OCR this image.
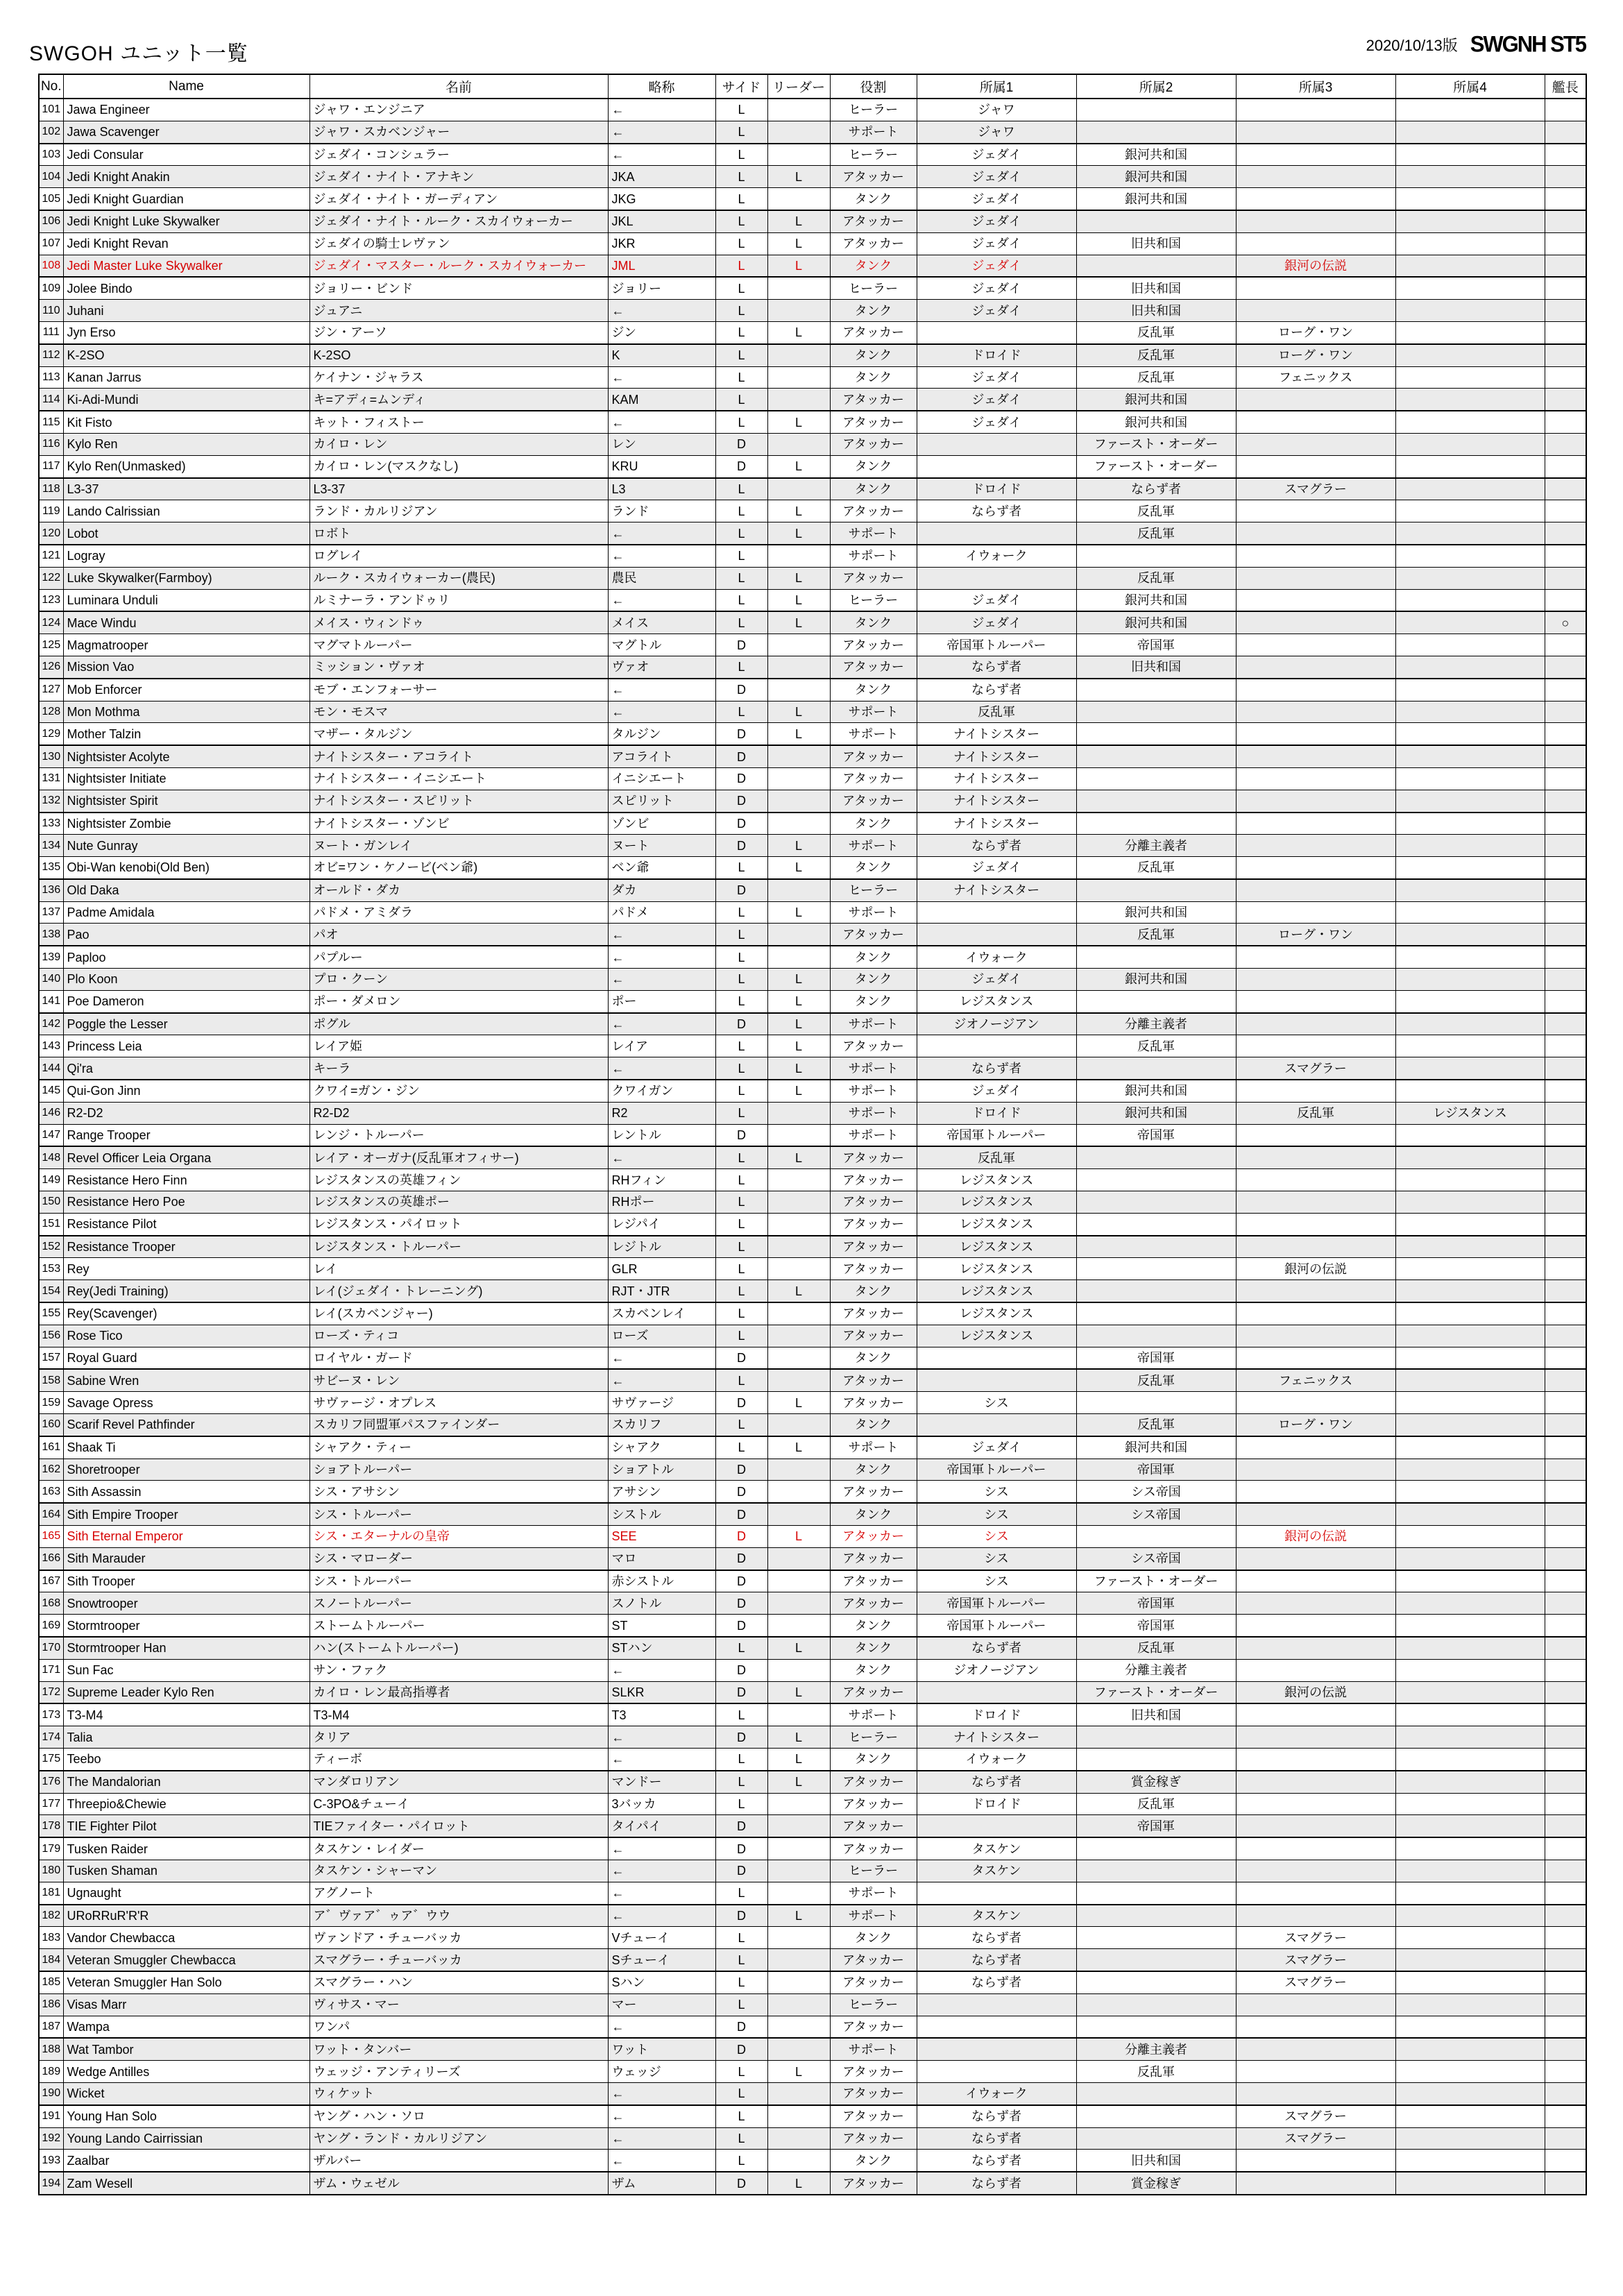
SWGOH ユニット一覧	2020/10/13版 SWGNH ST5
No.	Name	名前	略称	サイド	リーダー	役割	所属1	所属2	所属3	所属4	艦長
101	Jawa Engineer	ジャワ・エンジニア	←	L		ヒーラー	ジャワ				
102	Jawa Scavenger	ジャワ・スカベンジャー	←	L		サポート	ジャワ				
103	Jedi Consular	ジェダイ・コンシュラー	←	L		ヒーラー	ジェダイ	銀河共和国			
104	Jedi Knight Anakin	ジェダイ・ナイト・アナキン	JKA	L	L	アタッカー	ジェダイ	銀河共和国			
105	Jedi Knight Guardian	ジェダイ・ナイト・ガーディアン	JKG	L		タンク	ジェダイ	銀河共和国			
106	Jedi Knight Luke Skywalker	ジェダイ・ナイト・ルーク・スカイウォーカー	JKL	L	L	アタッカー	ジェダイ				
107	Jedi Knight Revan	ジェダイの騎士レヴァン	JKR	L	L	アタッカー	ジェダイ	旧共和国			
108	Jedi Master Luke Skywalker	ジェダイ・マスター・ルーク・スカイウォーカー	JML	L	L	タンク	ジェダイ		銀河の伝説		
109	Jolee Bindo	ジョリー・ビンド	ジョリー	L		ヒーラー	ジェダイ	旧共和国			
110	Juhani	ジュアニ	←	L		タンク	ジェダイ	旧共和国			
111	Jyn Erso	ジン・アーソ	ジン	L	L	アタッカー		反乱軍	ローグ・ワン		
112	K-2SO	K-2SO	K	L		タンク	ドロイド	反乱軍	ローグ・ワン		
113	Kanan Jarrus	ケイナン・ジャラス	←	L		タンク	ジェダイ	反乱軍	フェニックス		
114	Ki-Adi-Mundi	キ=アディ=ムンディ	KAM	L		アタッカー	ジェダイ	銀河共和国			
115	Kit Fisto	キット・フィストー	←	L	L	アタッカー	ジェダイ	銀河共和国			
116	Kylo Ren	カイロ・レン	レン	D		アタッカー		ファースト・オーダー			
117	Kylo Ren(Unmasked)	カイロ・レン(マスクなし)	KRU	D	L	タンク		ファースト・オーダー			
118	L3-37	L3-37	L3	L		タンク	ドロイド	ならず者	スマグラー		
119	Lando Calrissian	ランド・カルリジアン	ランド	L	L	アタッカー	ならず者	反乱軍			
120	Lobot	ロボト	←	L	L	サポート		反乱軍			
121	Logray	ログレイ	←	L		サポート	イウォーク				
122	Luke Skywalker(Farmboy)	ルーク・スカイウォーカー(農民)	農民	L	L	アタッカー		反乱軍			
123	Luminara Unduli	ルミナーラ・アンドゥリ	←	L	L	ヒーラー	ジェダイ	銀河共和国			
124	Mace Windu	メイス・ウィンドゥ	メイス	L	L	タンク	ジェダイ	銀河共和国			○
125	Magmatrooper	マグマトルーパー	マグトル	D		アタッカー	帝国軍トルーパー	帝国軍			
126	Mission Vao	ミッション・ヴァオ	ヴァオ	L		アタッカー	ならず者	旧共和国			
127	Mob Enforcer	モブ・エンフォーサー	←	D		タンク	ならず者				
128	Mon Mothma	モン・モスマ	←	L	L	サポート	反乱軍				
129	Mother Talzin	マザー・タルジン	タルジン	D	L	サポート	ナイトシスター				
130	Nightsister Acolyte	ナイトシスター・アコライト	アコライト	D		アタッカー	ナイトシスター				
131	Nightsister Initiate	ナイトシスター・イニシエート	イニシエート	D		アタッカー	ナイトシスター				
132	Nightsister Spirit	ナイトシスター・スピリット	スピリット	D		アタッカー	ナイトシスター				
133	Nightsister Zombie	ナイトシスター・ゾンビ	ゾンビ	D		タンク	ナイトシスター				
134	Nute Gunray	ヌート・ガンレイ	ヌート	D	L	サポート	ならず者	分離主義者			
135	Obi-Wan kenobi(Old Ben)	オビ=ワン・ケノービ(ベン爺)	ベン爺	L	L	タンク	ジェダイ	反乱軍			
136	Old Daka	オールド・ダカ	ダカ	D		ヒーラー	ナイトシスター				
137	Padme Amidala	パドメ・アミダラ	パドメ	L	L	サポート		銀河共和国			
138	Pao	パオ	←	L		アタッカー		反乱軍	ローグ・ワン		
139	Paploo	パプルー	←	L		タンク	イウォーク				
140	Plo Koon	プロ・クーン	←	L	L	タンク	ジェダイ	銀河共和国			
141	Poe Dameron	ポー・ダメロン	ポー	L	L	タンク	レジスタンス				
142	Poggle the Lesser	ポグル	←	D	L	サポート	ジオノージアン	分離主義者			
143	Princess Leia	レイア姫	レイア	L	L	アタッカー		反乱軍			
144	Qi'ra	キーラ	←	L	L	サポート	ならず者		スマグラー		
145	Qui-Gon Jinn	クワイ=ガン・ジン	クワイガン	L	L	サポート	ジェダイ	銀河共和国			
146	R2-D2	R2-D2	R2	L		サポート	ドロイド	銀河共和国	反乱軍	レジスタンス	
147	Range Trooper	レンジ・トルーパー	レントル	D		サポート	帝国軍トルーパー	帝国軍			
148	Revel Officer Leia Organa	レイア・オーガナ(反乱軍オフィサー)	←	L	L	アタッカー	反乱軍				
149	Resistance Hero Finn	レジスタンスの英雄フィン	RHフィン	L		アタッカー	レジスタンス				
150	Resistance Hero Poe	レジスタンスの英雄ポー	RHポー	L		アタッカー	レジスタンス				
151	Resistance Pilot	レジスタンス・パイロット	レジパイ	L		アタッカー	レジスタンス				
152	Resistance Trooper	レジスタンス・トルーパー	レジトル	L		アタッカー	レジスタンス				
153	Rey	レイ	GLR	L		アタッカー	レジスタンス		銀河の伝説		
154	Rey(Jedi Training)	レイ(ジェダイ・トレーニング)	RJT・JTR	L	L	タンク	レジスタンス				
155	Rey(Scavenger)	レイ(スカベンジャー)	スカベンレイ	L		アタッカー	レジスタンス				
156	Rose Tico	ローズ・ティコ	ローズ	L		アタッカー	レジスタンス				
157	Royal Guard	ロイヤル・ガード	←	D		タンク		帝国軍			
158	Sabine Wren	サビーヌ・レン	←	L		アタッカー		反乱軍	フェニックス		
159	Savage Opress	サヴァージ・オプレス	サヴァージ	D	L	アタッカー	シス				
160	Scarif Revel Pathfinder	スカリフ同盟軍パスファインダー	スカリフ	L		タンク		反乱軍	ローグ・ワン		
161	Shaak Ti	シャアク・ティー	シャアク	L	L	サポート	ジェダイ	銀河共和国			
162	Shoretrooper	ショアトルーパー	ショアトル	D		タンク	帝国軍トルーパー	帝国軍			
163	Sith Assassin	シス・アサシン	アサシン	D		アタッカー	シス	シス帝国			
164	Sith Empire Trooper	シス・トルーパー	シストル	D		タンク	シス	シス帝国			
165	Sith Eternal Emperor	シス・エターナルの皇帝	SEE	D	L	アタッカー	シス		銀河の伝説		
166	Sith Marauder	シス・マローダー	マロ	D		アタッカー	シス	シス帝国			
167	Sith Trooper	シス・トルーパー	赤シストル	D		アタッカー	シス	ファースト・オーダー			
168	Snowtrooper	スノートルーパー	スノトル	D		アタッカー	帝国軍トルーパー	帝国軍			
169	Stormtrooper	ストームトルーパー	ST	D		タンク	帝国軍トルーパー	帝国軍			
170	Stormtrooper Han	ハン(ストームトルーパー)	STハン	L	L	タンク	ならず者	反乱軍			
171	Sun Fac	サン・ファク	←	D		タンク	ジオノージアン	分離主義者			
172	Supreme Leader Kylo Ren	カイロ・レン最高指導者	SLKR	D	L	アタッカー		ファースト・オーダー	銀河の伝説		
173	T3-M4	T3-M4	T3	L		サポート	ドロイド	旧共和国			
174	Talia	タリア	←	D	L	ヒーラー	ナイトシスター				
175	Teebo	ティーボ	←	L	L	タンク	イウォーク				
176	The Mandalorian	マンダロリアン	マンドー	L	L	アタッカー	ならず者	賞金稼ぎ			
177	Threepio&Chewie	C-3PO&チューイ	3バッカ	L		アタッカー	ドロイド	反乱軍			
178	TIE Fighter Pilot	TIEファイター・パイロット	タイパイ	D		アタッカー		帝国軍			
179	Tusken Raider	タスケン・レイダー	←	D		アタッカー	タスケン				
180	Tusken Shaman	タスケン・シャーマン	←	D		ヒーラー	タスケン				
181	Ugnaught	アグノート	←	L		サポート					
182	URoRRuR'R'R	ア゛ヴァア゛ゥア゛ウウ	←	D	L	サポート	タスケン				
183	Vandor Chewbacca	ヴァンドア・チューバッカ	Vチューイ	L		タンク	ならず者		スマグラー		
184	Veteran Smuggler Chewbacca	スマグラー・チューバッカ	Sチューイ	L		アタッカー	ならず者		スマグラー		
185	Veteran Smuggler Han Solo	スマグラー・ハン	Sハン	L		アタッカー	ならず者		スマグラー		
186	Visas Marr	ヴィサス・マー	マー	L		ヒーラー					
187	Wampa	ワンパ	←	D		アタッカー					
188	Wat Tambor	ワット・タンバー	ワット	D		サポート		分離主義者			
189	Wedge Antilles	ウェッジ・アンティリーズ	ウェッジ	L	L	アタッカー		反乱軍			
190	Wicket	ウィケット	←	L		アタッカー	イウォーク				
191	Young Han Solo	ヤング・ハン・ソロ	←	L		アタッカー	ならず者		スマグラー		
192	Young Lando Cairrissian	ヤング・ランド・カルリジアン	←	L		アタッカー	ならず者		スマグラー		
193	Zaalbar	ザルバー	←	L		タンク	ならず者	旧共和国			
194	Zam Wesell	ザム・ウェゼル	ザム	D	L	アタッカー	ならず者	賞金稼ぎ			
